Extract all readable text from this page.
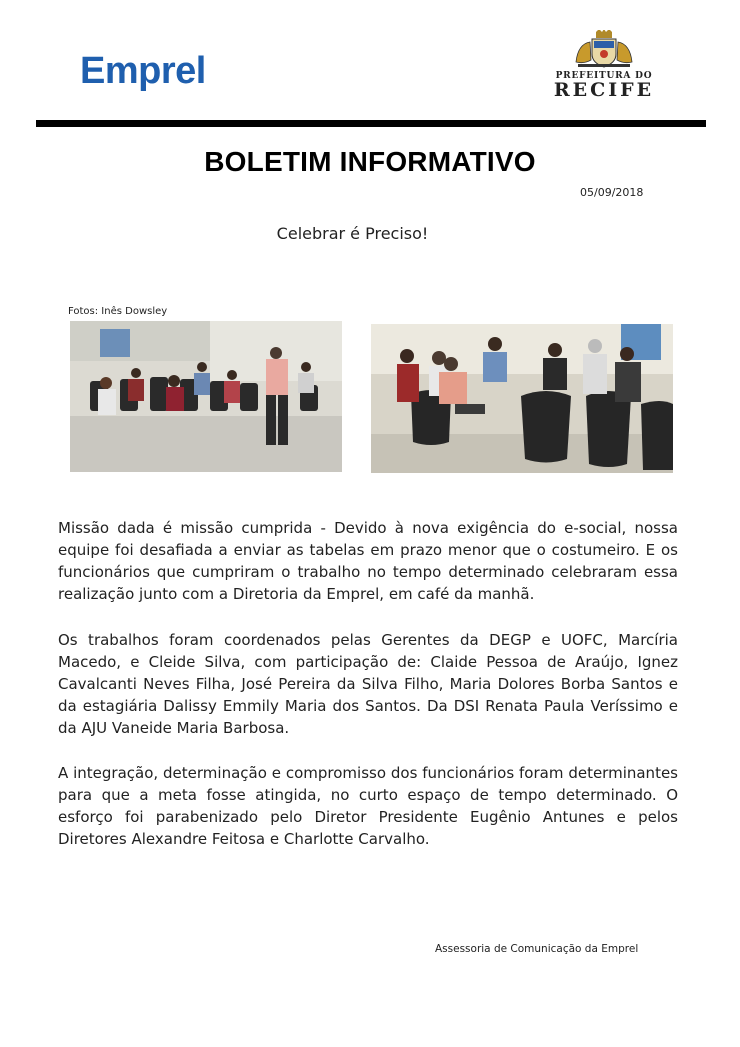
Emprel	PREFEITURA DO
RECIFE
BOLETIM INFORMATIVO
05/09/2018
Celebrar é Preciso!
Fotos: Inês Dowsley
Missão dada é missão cumprida - Devido à nova exigência do e-social, nossa equipe foi desafiada a enviar as tabelas em prazo menor que o costumeiro. E os funcionários que cumpriram o trabalho no tempo determinado celebraram essa realização junto com a Diretoria da Emprel, em café da manhã.
Os trabalhos foram coordenados pelas Gerentes da DEGP e UOFC, Marcíria Macedo, e Cleide Silva, com participação de: Claide Pessoa de Araújo, Ignez Cavalcanti Neves Filha, José Pereira da Silva Filho, Maria Dolores Borba Santos e da estagiária Dalissy Emmily Maria dos Santos. Da DSI Renata Paula Veríssimo e da AJU Vaneide Maria Barbosa.
A integração, determinação e compromisso dos funcionários foram determinantes para que a meta fosse atingida, no curto espaço de tempo determinado. O esforço foi parabenizado pelo Diretor Presidente Eugênio Antunes e pelos Diretores Alexandre Feitosa e Charlotte Carvalho.
Assessoria de Comunicação da Emprel
